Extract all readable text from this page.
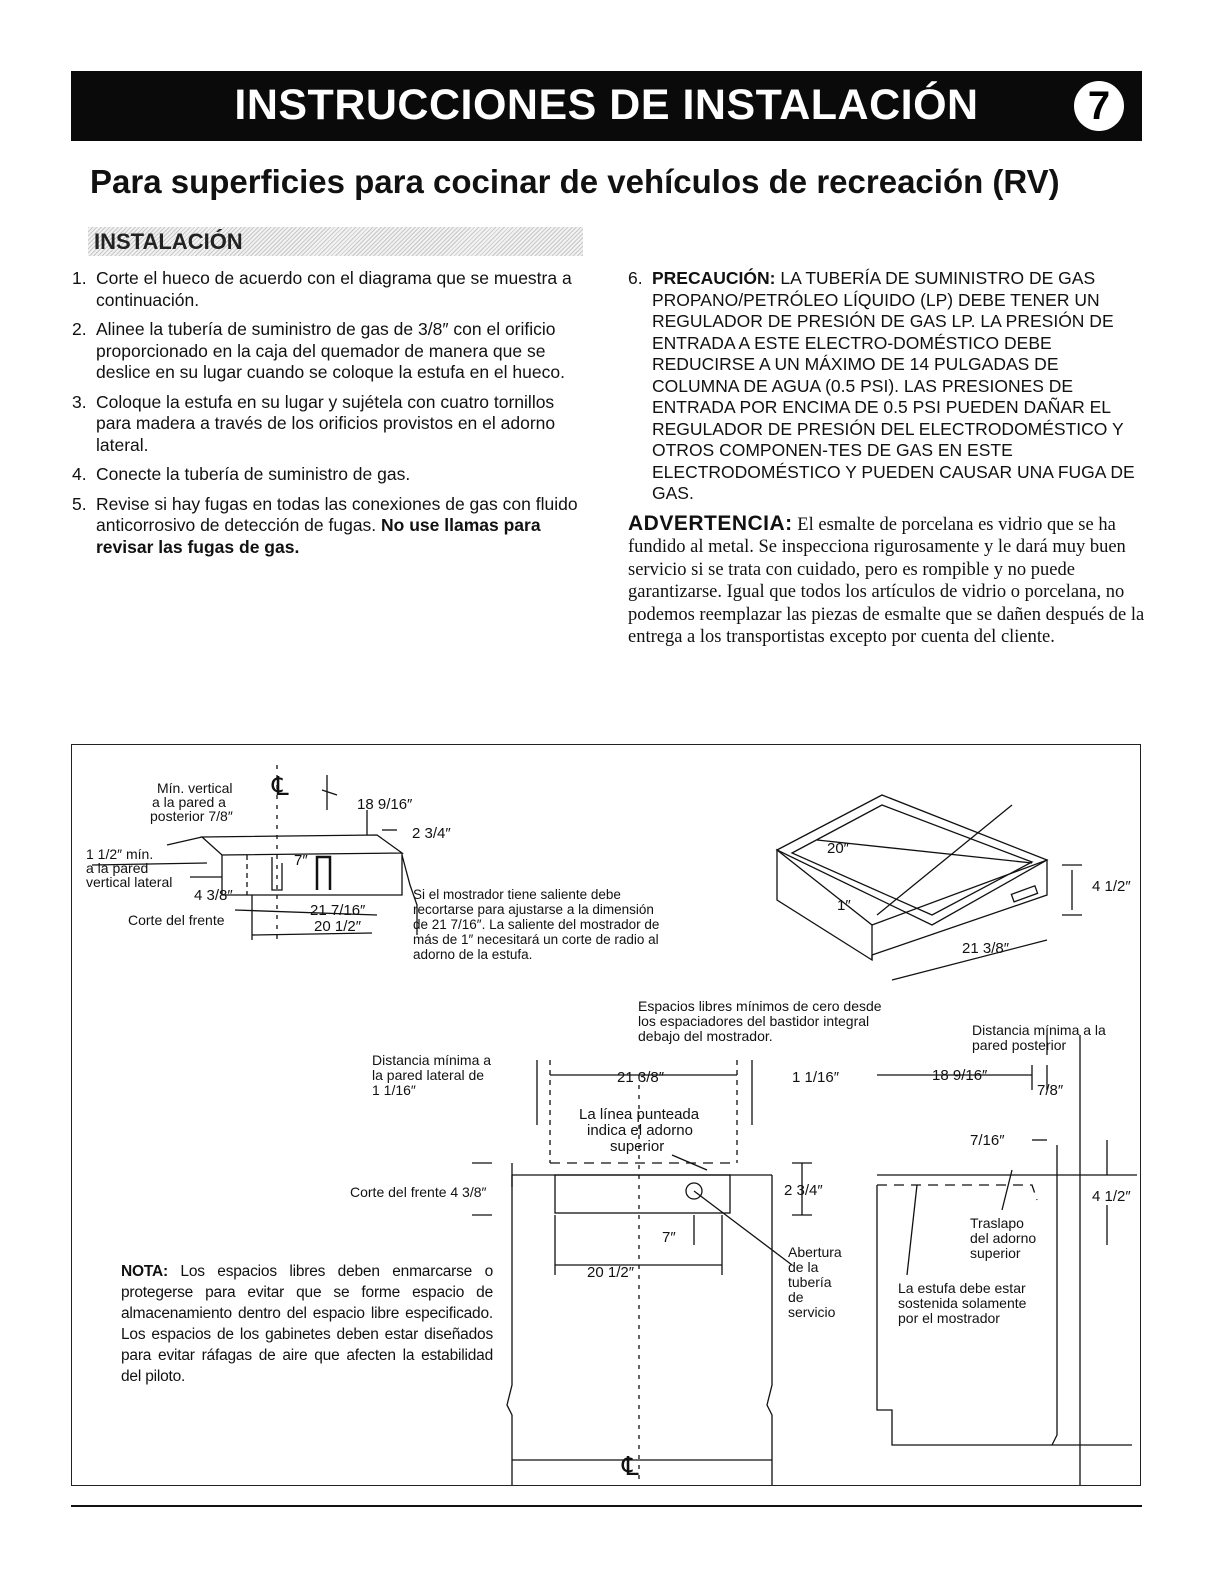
INSTRUCCIONES DE INSTALACIÓN	7
Para superficies para cocinar de vehículos de recreación (RV)
INSTALACIÓN
1. Corte el hueco de acuerdo con el diagrama que se muestra a continuación.
2. Alinee la tubería de suministro de gas de 3/8″ con el orificio proporcionado en la caja del quemador de manera que se deslice en su lugar cuando se coloque la estufa en el hueco.
3. Coloque la estufa en su lugar y sujétela con cuatro tornillos para madera a través de los orificios provistos en el adorno lateral.
4. Conecte la tubería de suministro de gas.
5. Revise si hay fugas en todas las conexiones de gas con fluido anticorrosivo de detección de fugas. No use llamas para revisar las fugas de gas.
6. PRECAUCIÓN: LA TUBERÍA DE SUMINISTRO DE GAS PROPANO/PETRÓLEO LÍQUIDO (LP) DEBE TENER UN REGULADOR DE PRESIÓN DE GAS LP. LA PRESIÓN DE ENTRADA A ESTE ELECTRO-DOMÉSTICO DEBE REDUCIRSE A UN MÁXIMO DE 14 PULGADAS DE COLUMNA DE AGUA (0.5 PSI). LAS PRESIONES DE ENTRADA POR ENCIMA DE 0.5 PSI PUEDEN DAÑAR EL REGULADOR DE PRESIÓN DEL ELECTRODOMÉSTICO Y OTROS COMPONEN-TES DE GAS EN ESTE ELECTRODOMÉSTICO Y PUEDEN CAUSAR UNA FUGA DE GAS.
ADVERTENCIA: El esmalte de porcelana es vidrio que se ha fundido al metal. Se inspecciona rigurosamente y le dará muy buen servicio si se trata con cuidado, pero es rompible y no puede garantizarse. Igual que todos los artículos de vidrio o porcelana, no podemos reemplazar las piezas de esmalte que se dañen después de la entrega a los transportistas excepto por cuenta del cliente.
Mín. vertical
a la pared a
posterior 7/8″
℄
18 9/16″
2 3/4″
1 1/2″ mín.
a la pared
vertical lateral
7″
4 3/8″
Corte del frente
21 7/16″
20 1/2″
Si el mostrador tiene saliente debe
recortarse para ajustarse a la dimensión
de 21 7/16″. La saliente del mostrador de
más de 1″ necesitará un corte de radio al
adorno de la estufa.
20″
1″
4 1/2″
21 3/8″
Espacios libres mínimos de cero desde
los espaciadores del bastidor integral
debajo del mostrador.
Distancia mínima a
la pared lateral de
1 1/16″
21 3/8″	1 1/16″
La línea punteada
indica el adorno
superior
Corte del frente 4 3/8″	2 3/4″
7″
20 1/2″
Abertura
de la
tubería
de
servicio
℄
Distancia mínima a la
pared posterior
18 9/16″
7/8″
7/16″
4 1/2″
Traslapo
del adorno
superior
La estufa debe estar
sostenida solamente
por el mostrador
NOTA: Los espacios libres deben enmarcarse o protegerse para evitar que se forme espacio de almacenamiento dentro del espacio libre especificado. Los espacios de los gabinetes deben estar diseñados para evitar ráfagas de aire que afecten la estabilidad del piloto.
